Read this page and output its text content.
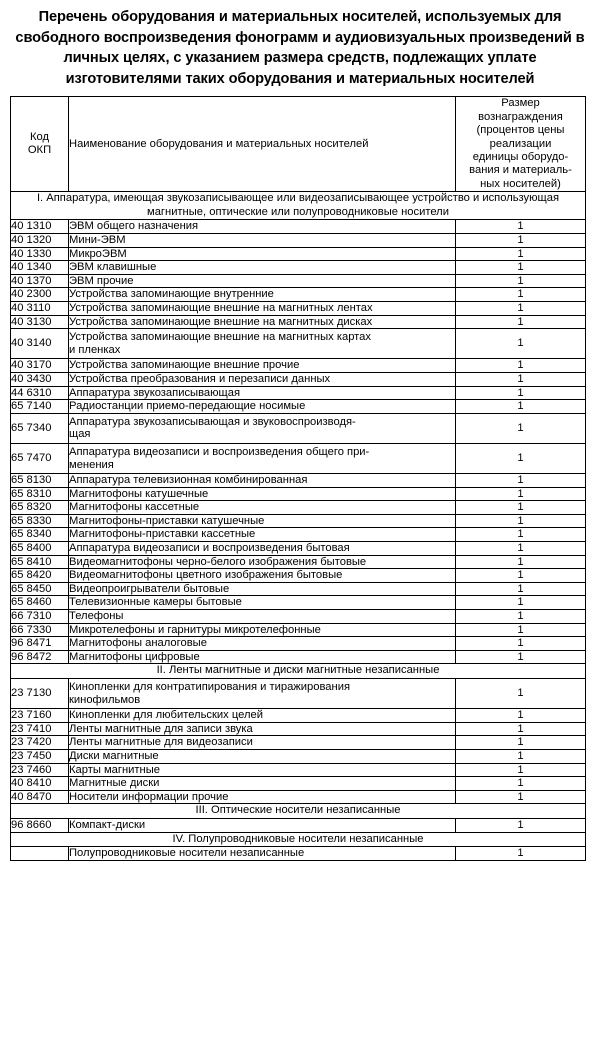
Перечень оборудования и материальных носителей, используемых для свободного воспроизведения фонограмм и аудиовизуальных произведений в личных целях, с указанием размера средств, подлежащих уплате изготовителями таких оборудования и материальных носителей
Код
ОКП	Наименование оборудования и материальных носителей	Размер
вознаграждения
(процентов цены
реализации
единицы оборудо-
вания и материаль-
ных носителей)
I. Аппаратура, имеющая звукозаписывающее или видеозаписывающее устройство и использующая магнитные, оптические или полупроводниковые носители		
40 1310	ЭВМ общего назначения	1
40 1320	Мини-ЭВМ	1
40 1330	МикроЭВМ	1
40 1340	ЭВМ клавишные	1
40 1370	ЭВМ прочие	1
40 2300	Устройства запоминающие внутренние	1
40 3110	Устройства запоминающие внешние на магнитных лентах	1
40 3130	Устройства запоминающие внешние на магнитных дисках	1
40 3140	Устройства запоминающие внешние на магнитных картах
и пленках	1
40 3170	Устройства запоминающие внешние прочие	1
40 3430	Устройства преобразования и перезаписи данных	1
44 6310	Аппаратура звукозаписывающая	1
65 7140	Радиостанции приемо-передающие носимые	1
65 7340	Аппаратура звукозаписывающая и звуковоспроизводя-
щая	1
65 7470	Аппаратура видеозаписи и воспроизведения общего при-
менения	1
65 8130	Аппаратура телевизионная комбинированная	1
65 8310	Магнитофоны катушечные	1
65 8320	Магнитофоны кассетные	1
65 8330	Магнитофоны-приставки катушечные	1
65 8340	Магнитофоны-приставки кассетные	1
65 8400	Аппаратура видеозаписи и воспроизведения бытовая	1
65 8410	Видеомагнитофоны черно-белого изображения бытовые	1
65 8420	Видеомагнитофоны цветного изображения бытовые	1
65 8450	Видеопроигрыватели бытовые	1
65 8460	Телевизионные камеры бытовые	1
66 7310	Телефоны	1
66 7330	Микротелефоны и гарнитуры микротелефонные	1
96 8471	Магнитофоны аналоговые	1
96 8472	Магнитофоны цифровые	1
II. Ленты магнитные и диски магнитные незаписанные		
23 7130	Кинопленки для контратипирования и тиражирования
кинофильмов	1
23 7160	Кинопленки для любительских целей	1
23 7410	Ленты магнитные для записи звука	1
23 7420	Ленты магнитные для видеозаписи	1
23 7450	Диски магнитные	1
23 7460	Карты магнитные	1
40 8410	Магнитные диски	1
40 8470	Носители информации прочие	1
III. Оптические носители незаписанные		
96 8660	Компакт-диски	1
IV. Полупроводниковые носители незаписанные		
	Полупроводниковые носители незаписанные	1
